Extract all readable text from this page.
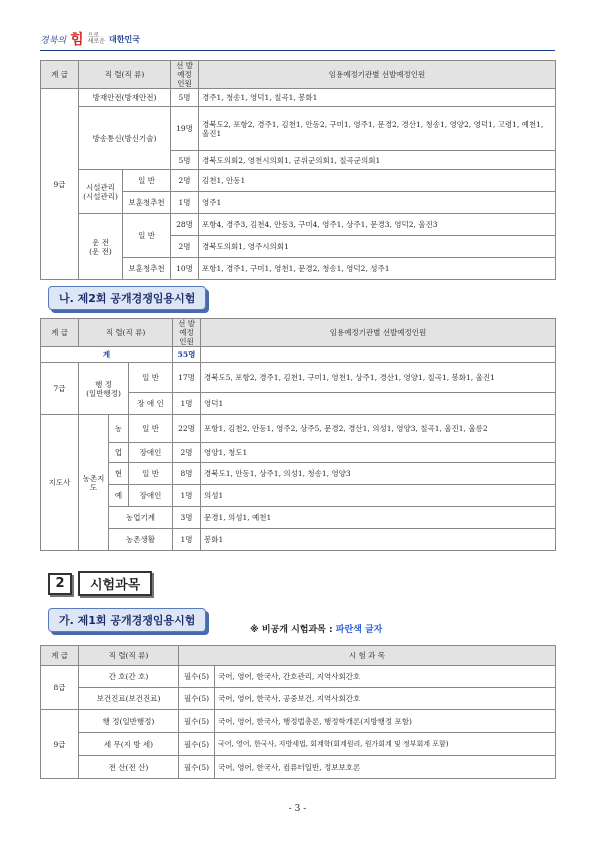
경북의 힘 으로
새로운 대한민국
계 급	직 렬(직 류)		선 발
예정인원	임용예정기관별 선발예정인원
9급	방재안전(방재안전)		5명	경주1, 청송1, 영덕1, 칠곡1, 봉화1
	방송통신(방신기술)		19명	경북도2, 포항2, 경주1, 김천1, 안동2, 구미1, 영주1, 문경2, 경산1, 청송1, 영양2, 영덕1, 고령1, 예천1, 울진1
			5명	경북도의회2, 영천시의회1, 군위군의회1, 칠곡군의회1
	시설관리
(시설관리)	일 반	2명	김천1, 안동1
		보훈청추천	1명	영주1
	운 전
(운 전)	일 반	28명	포항4, 경주3, 김천4, 안동3, 구미4, 영주1, 상주1, 문경3, 영덕2, 울진3
			2명	경북도의회1, 영주시의회1
		보훈청추천	10명	포항1, 경주1, 구미1, 영천1, 문경2, 청송1, 영덕2, 성주1
나. 제2회 공개경쟁임용시험
계 급	직 렬(직 류)			선 발
예정인원	임용예정기관별 선발예정인원
계				55명	
7급	행 정
(일반행정)		일 반	17명	경북도5, 포항2, 경주1, 김천1, 구미1, 영천1, 상주1, 경산1, 영양1, 칠곡1, 봉화1, 울진1
			장 애 인	1명	영덕1
지도사	농촌지도	농	일 반	22명	포항1, 김천2, 안동1, 영주2, 상주5, 문경2, 경산1, 의성1, 영양3, 칠곡1, 울진1, 울릉2
		업	장애인	2명	영양1, 청도1
		현	일 반	8명	경북도1, 안동1, 상주1, 의성1, 청송1, 영양3
		예	장애인	1명	의성1
		농업기계		3명	문경1, 의성1, 예천1
		농촌생활		1명	봉화1
2	시험과목
가. 제1회 공개경쟁임용시험
※ 비공개 시험과목 : 파란색 글자
계 급	직 렬(직 류)	시 험 과 목	
8급	간 호(간 호)	필수(5)	국어, 영어, 한국사, 간호관리, 지역사회간호
	보건진료(보건진료)	필수(5)	국어, 영어, 한국사, 공중보건, 지역사회간호
9급	행 정(일반행정)	필수(5)	국어, 영어, 한국사, 행정법총론, 행정학개론(지방행정 포함)
	세 무(지 방 세)	필수(5)	국어, 영어, 한국사, 지방세법, 회계학(회계원리, 원가회계 및 정부회계 포함)
	전 산(전 산)	필수(5)	국어, 영어, 한국사, 컴퓨터일반, 정보보호론
- 3 -
